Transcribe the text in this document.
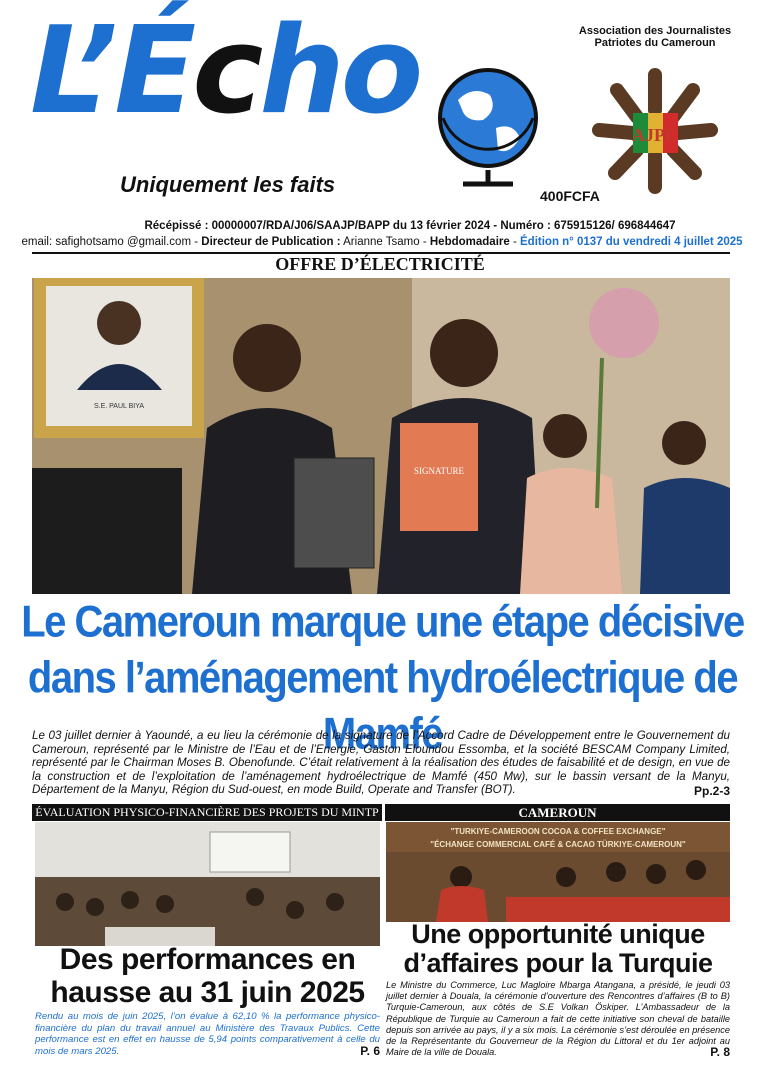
L’Écho	Association des Journalistes Patriotes du Cameroun
AJPC
Uniquement les faits	400FCFA
Récépissé : 00000007/RDA/J06/SAAJP/BAPP du 13 février 2024 - Numéro : 675915126/ 696844647
email: safighotsamo @gmail.com - Directeur de Publication : Arianne Tsamo - Hebdomadaire - Édition n° 0137 du vendredi 4 juillet 2025
OFFRE D’ÉLECTRICITÉ
S.E. PAUL BIYA
SIGNATURE
Le Cameroun marque une étape décisive dans l’aménagement hydroélectrique de Mamfé
Le 03 juillet dernier à Yaoundé, a eu lieu la cérémonie de la signature de l’Accord Cadre de Développement entre le Gouvernement du Cameroun, représenté par le Ministre de l’Eau et de l’Energie, Gaston Eloundou Essomba, et la société BESCAM Company Limited, représenté par le Chairman Moses B. Obenofunde. C’était relativement à la réalisation des études de faisabilité et de design, en vue de la construction et de l’exploitation de l’aménagement hydroélectrique de Mamfé (450 Mw), sur le bassin versant de la Manyu, Département de la Manyu, Région du Sud-ouest, en mode Build, Operate and Transfer (BOT).	Pp.2-3
ÉVALUATION PHYSICO-FINANCIÈRE DES PROJETS DU MINTP
Des performances en hausse au 31 juin 2025
Rendu au mois de juin 2025, l’on évalue à 62,10 % la performance physico-financière du plan du travail annuel au Ministère des Travaux Publics. Cette performance est en effet en hausse de 5,94 points comparativement à celle du mois de mars 2025.	P. 6
CAMEROUN
"TURKIYE-CAMEROON COCOA & COFFEE EXCHANGE"
"ÉCHANGE COMMERCIAL CAFÉ & CACAO TÜRKIYE-CAMEROUN"
Une opportunité unique d’affaires pour la Turquie
Le Ministre du Commerce, Luc Magloire Mbarga Atangana, a présidé, le jeudi 03 juillet dernier à Douala, la cérémonie d’ouverture des Rencontres d’affaires (B to B) Turquie-Cameroun, aux côtés de S.E Volkan Öskiper. L’Ambassadeur de la République de Turquie au Cameroun a fait de cette initiative son cheval de bataille depuis son arrivée au pays, il y a six mois. La cérémonie s’est déroulée en présence de la Représentante du Gouverneur de la Région du Littoral et du 1er adjoint au Maire de la ville de Douala.	P. 8
